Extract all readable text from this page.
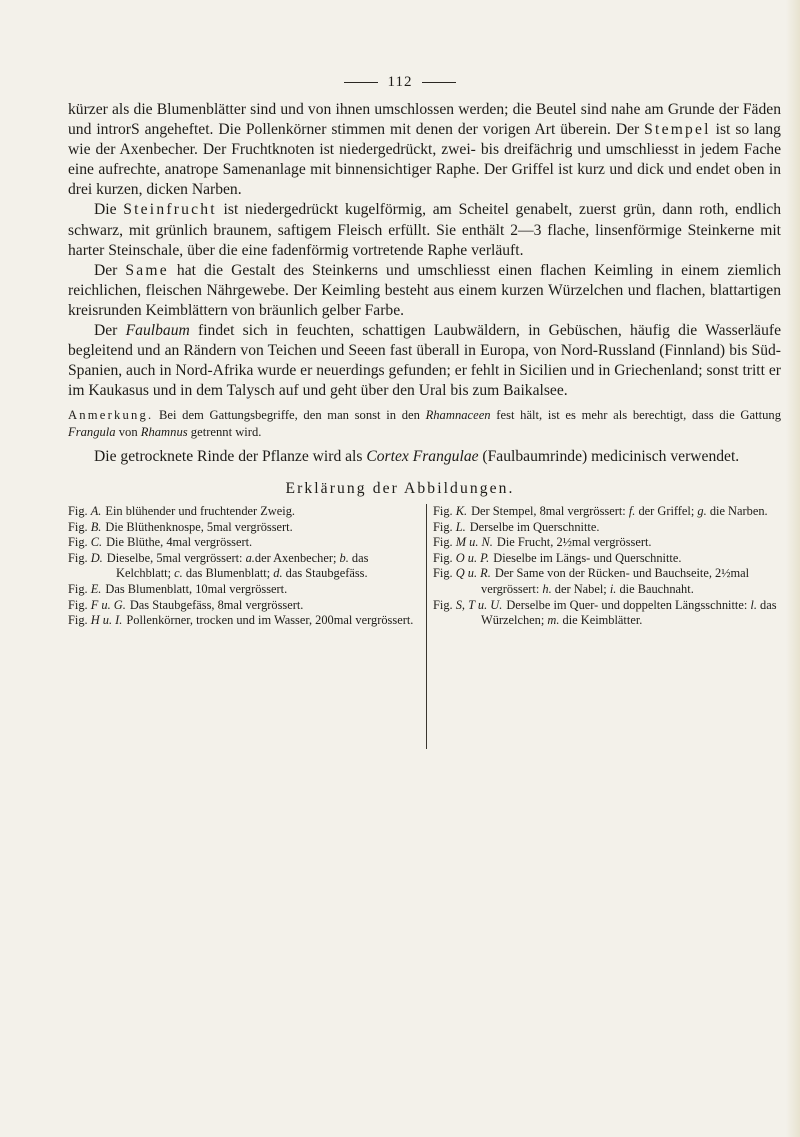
112

kürzer als die Blumenblätter sind und von ihnen umschlossen werden; die Beutel sind nahe am Grunde der Fäden und introrS angeheftet. Die Pollenkörner stimmen mit denen der vorigen Art überein. Der Stempel ist so lang wie der Axenbecher. Der Fruchtknoten ist niedergedrückt, zwei- bis dreifächrig und umschliesst in jedem Fache eine aufrechte, anatrope Samenanlage mit binnensichtiger Raphe. Der Griffel ist kurz und dick und endet oben in drei kurzen, dicken Narben.

Die Steinfrucht ist niedergedrückt kugelförmig, am Scheitel genabelt, zuerst grün, dann roth, endlich schwarz, mit grünlich braunem, saftigem Fleisch erfüllt. Sie enthält 2—3 flache, linsenförmige Steinkerne mit harter Steinschale, über die eine fadenförmig vortretende Raphe verläuft.

Der Same hat die Gestalt des Steinkerns und umschliesst einen flachen Keimling in einem ziemlich reichlichen, fleischen Nährgewebe. Der Keimling besteht aus einem kurzen Würzelchen und flachen, blattartigen kreisrunden Keimblättern von bräunlich gelber Farbe.

Der Faulbaum findet sich in feuchten, schattigen Laubwäldern, in Gebüschen, häufig die Wasserläufe begleitend und an Rändern von Teichen und Seeen fast überall in Europa, von Nord-Russland (Finnland) bis Süd-Spanien, auch in Nord-Afrika wurde er neuerdings gefunden; er fehlt in Sicilien und in Griechenland; sonst tritt er im Kaukasus und in dem Talysch auf und geht über den Ural bis zum Baikalsee.

Anmerkung. Bei dem Gattungsbegriffe, den man sonst in den Rhamnaceen fest hält, ist es mehr als berechtigt, dass die Gattung Frangula von Rhamnus getrennt wird.

Die getrocknete Rinde der Pflanze wird als Cortex Frangulae (Faulbaumrinde) medicinisch verwendet.

Erklärung der Abbildungen.
Fig. A. Ein blühender und fruchtender Zweig.
Fig. B. Die Blüthenknospe, 5mal vergrössert.
Fig. C. Die Blüthe, 4mal vergrössert.
Fig. D. Dieselbe, 5mal vergrössert: a.der Axenbecher; b. das Kelchblatt; c. das Blumenblatt; d. das Staubgefäss.
Fig. E. Das Blumenblatt, 10mal vergrössert.
Fig. F u. G. Das Staubgefäss, 8mal vergrössert.
Fig. H u. I. Pollenkörner, trocken und im Wasser, 200mal vergrössert.
Fig. K. Der Stempel, 8mal vergrössert: f. der Griffel; g. die Narben.
Fig. L. Derselbe im Querschnitte.
Fig. M u. N. Die Frucht, 2½mal vergrössert.
Fig. O u. P. Dieselbe im Längs- und Querschnitte.
Fig. Q u. R. Der Same von der Rücken- und Bauchseite, 2½mal vergrössert: h. der Nabel; i. die Bauchnaht.
Fig. S, T u. U. Derselbe im Quer- und doppelten Längsschnitte: l. das Würzelchen; m. die Keimblätter.
